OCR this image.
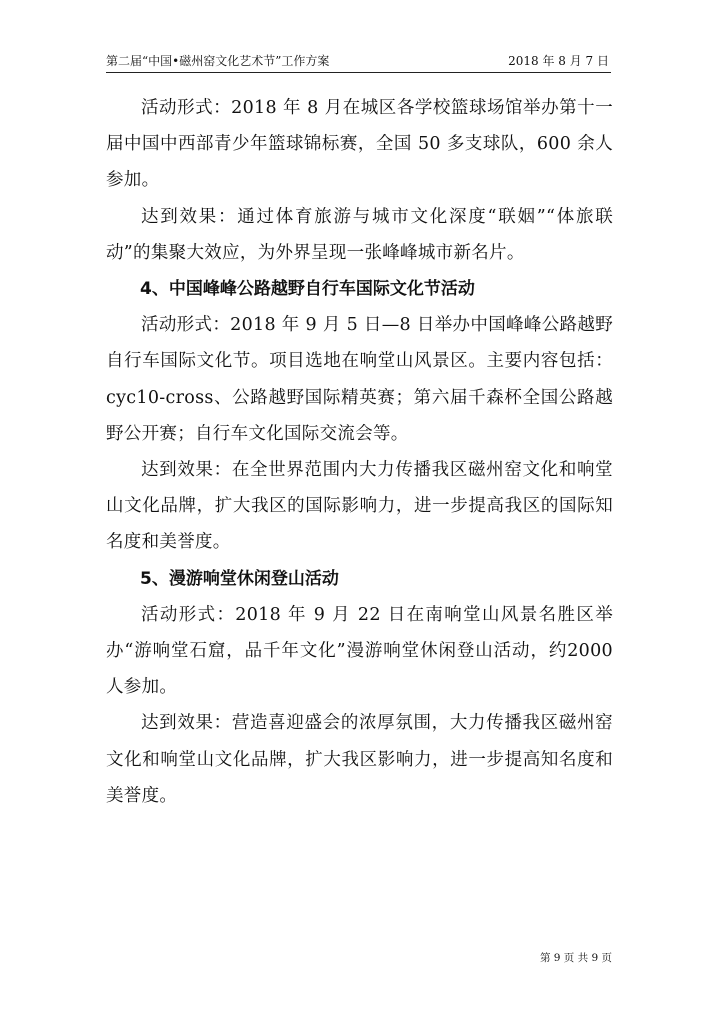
第二届“中国•磁州窑文化艺术节”工作方案	2018 年 8 月 7 日

活动形式：2018 年 8 月在城区各学校篮球场馆举办第十一届中国中西部青少年篮球锦标赛，全国 50 多支球队，600 余人参加。

达到效果：通过体育旅游与城市文化深度“联姻”“体旅联动”的集聚大效应，为外界呈现一张峰峰城市新名片。

4、中国峰峰公路越野自行车国际文化节活动

活动形式：2018 年 9 月 5 日—8 日举办中国峰峰公路越野自行车国际文化节。项目选地在响堂山风景区。主要内容包括：cyc10-cross、公路越野国际精英赛；第六届千森杯全国公路越野公开赛；自行车文化国际交流会等。

达到效果：在全世界范围内大力传播我区磁州窑文化和响堂山文化品牌，扩大我区的国际影响力，进一步提高我区的国际知名度和美誉度。

5、漫游响堂休闲登山活动

活动形式：2018 年 9 月 22 日在南响堂山风景名胜区举办“游响堂石窟，品千年文化”漫游响堂休闲登山活动，约2000 人参加。

达到效果：营造喜迎盛会的浓厚氛围，大力传播我区磁州窑文化和响堂山文化品牌，扩大我区影响力，进一步提高知名度和美誉度。

第 9 页 共 9 页
